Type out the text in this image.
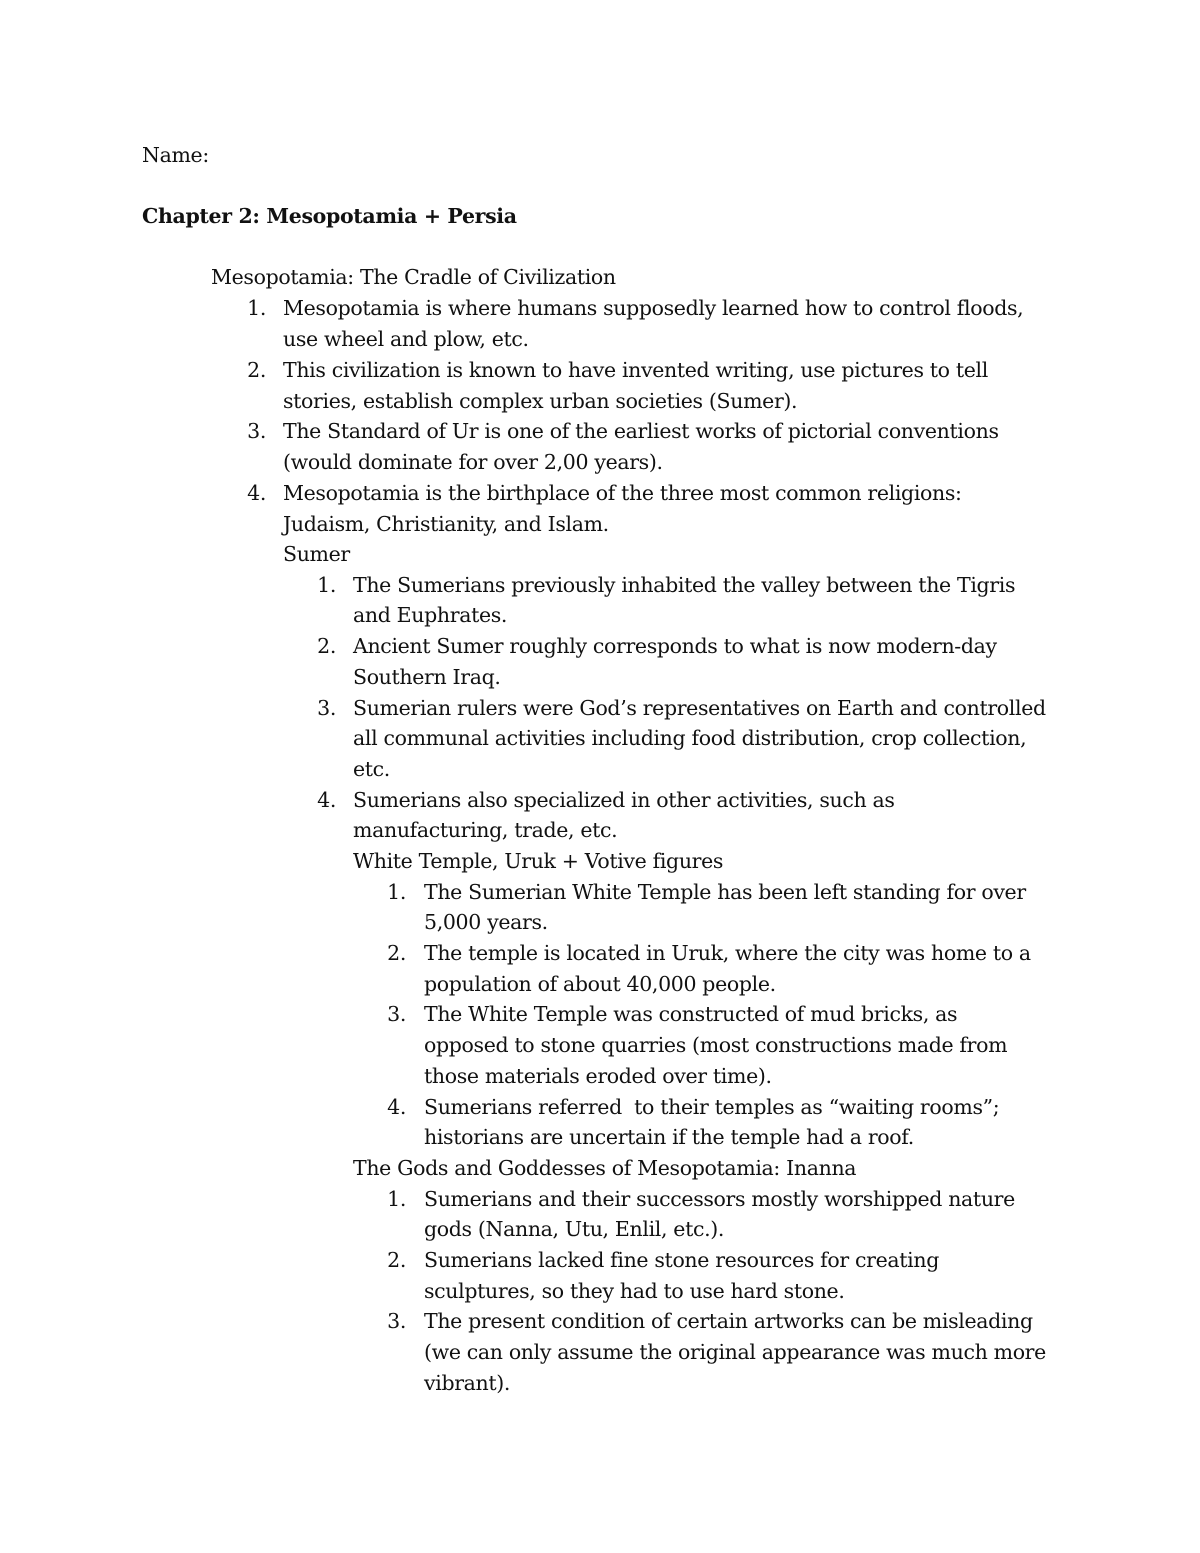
Name:
Chapter 2: Mesopotamia + Persia
Mesopotamia: The Cradle of Civilization
1. Mesopotamia is where humans supposedly learned how to control floods,
use wheel and plow, etc.
2. This civilization is known to have invented writing, use pictures to tell
stories, establish complex urban societies (Sumer).
3. The Standard of Ur is one of the earliest works of pictorial conventions
(would dominate for over 2,00 years).
4. Mesopotamia is the birthplace of the three most common religions:
Judaism, Christianity, and Islam.
Sumer
1. The Sumerians previously inhabited the valley between the Tigris
and Euphrates.
2. Ancient Sumer roughly corresponds to what is now modern-day
Southern Iraq.
3. Sumerian rulers were God’s representatives on Earth and controlled
all communal activities including food distribution, crop collection,
etc.
4. Sumerians also specialized in other activities, such as
manufacturing, trade, etc.
White Temple, Uruk + Votive figures
1. The Sumerian White Temple has been left standing for over
5,000 years.
2. The temple is located in Uruk, where the city was home to a
population of about 40,000 people.
3. The White Temple was constructed of mud bricks, as
opposed to stone quarries (most constructions made from
those materials eroded over time).
4. Sumerians referred  to their temples as “waiting rooms”;
historians are uncertain if the temple had a roof.
The Gods and Goddesses of Mesopotamia: Inanna
1. Sumerians and their successors mostly worshipped nature
gods (Nanna, Utu, Enlil, etc.).
2. Sumerians lacked fine stone resources for creating
sculptures, so they had to use hard stone.
3. The present condition of certain artworks can be misleading
(we can only assume the original appearance was much more
vibrant).
